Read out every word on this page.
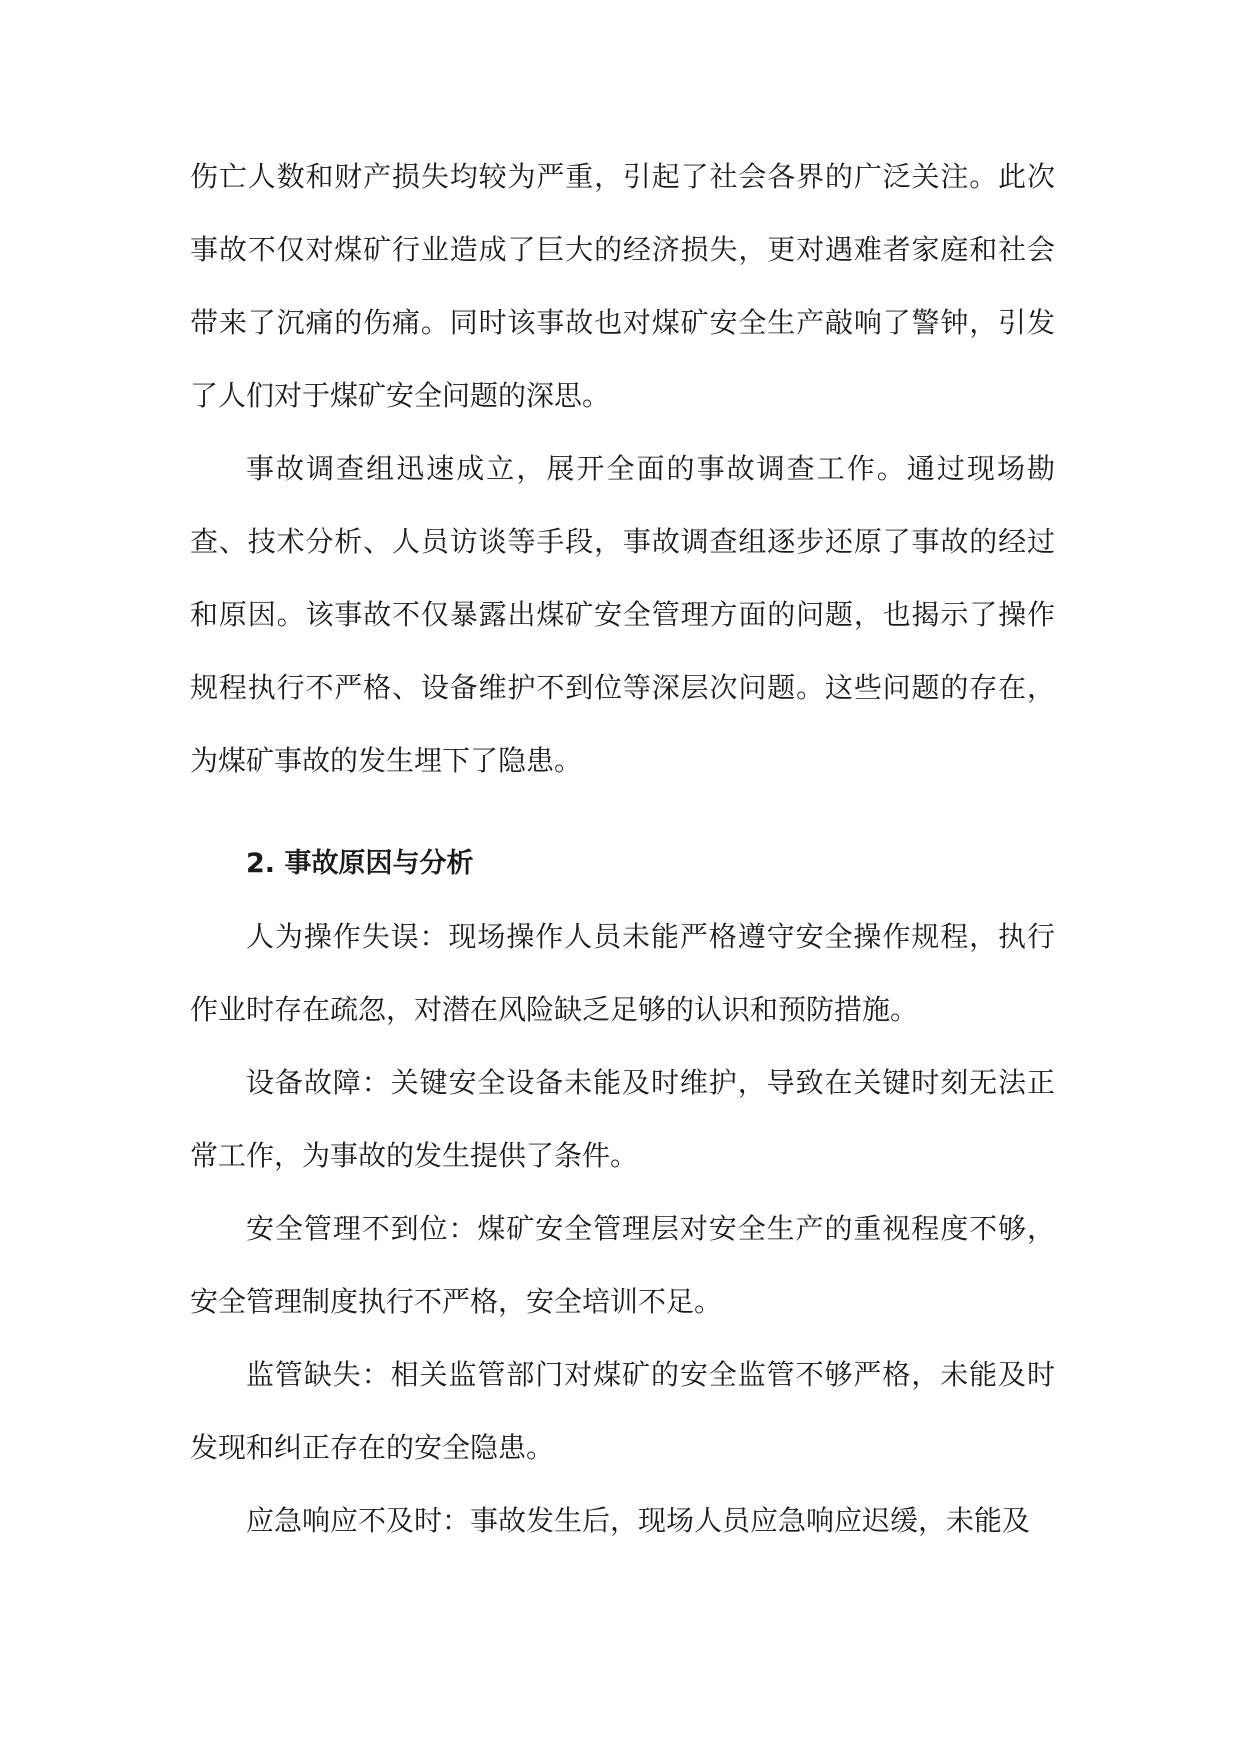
伤亡人数和财产损失均较为严重，引起了社会各界的广泛关注。此次事故不仅对煤矿行业造成了巨大的经济损失，更对遇难者家庭和社会带来了沉痛的伤痛。同时该事故也对煤矿安全生产敲响了警钟，引发了人们对于煤矿安全问题的深思。

事故调查组迅速成立，展开全面的事故调查工作。通过现场勘查、技术分析、人员访谈等手段，事故调查组逐步还原了事故的经过和原因。该事故不仅暴露出煤矿安全管理方面的问题，也揭示了操作规程执行不严格、设备维护不到位等深层次问题。这些问题的存在，为煤矿事故的发生埋下了隐患。

2. 事故原因与分析

人为操作失误：现场操作人员未能严格遵守安全操作规程，执行作业时存在疏忽，对潜在风险缺乏足够的认识和预防措施。

设备故障：关键安全设备未能及时维护，导致在关键时刻无法正常工作，为事故的发生提供了条件。

安全管理不到位：煤矿安全管理层对安全生产的重视程度不够，安全管理制度执行不严格，安全培训不足。

监管缺失：相关监管部门对煤矿的安全监管不够严格，未能及时发现和纠正存在的安全隐患。

应急响应不及时：事故发生后，现场人员应急响应迟缓，未能及
